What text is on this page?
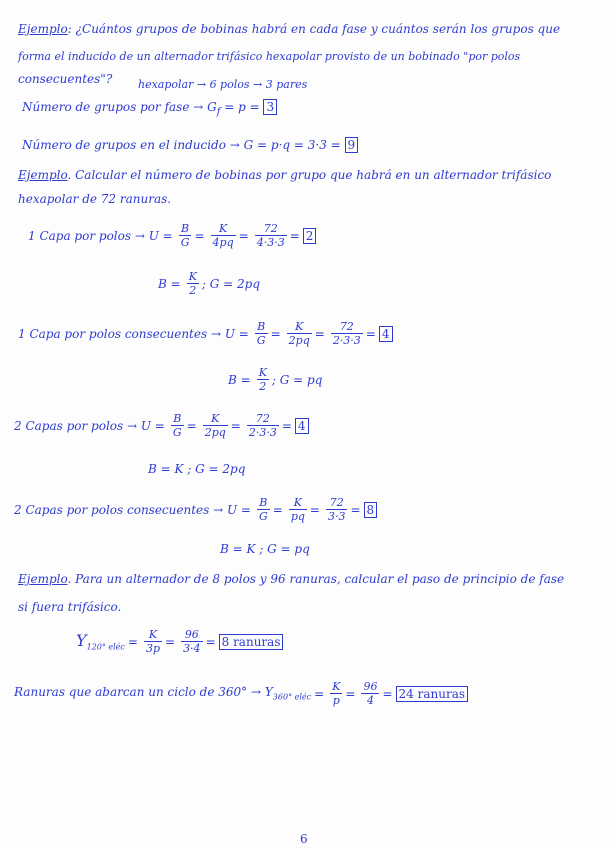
Ejemplo: ¿Cuántos grupos de bobinas habrá en cada fase y cuántos serán los grupos que
forma el inducido de un alternador trifásico hexapolar provisto de un bobinado "por polos
consecuentes"? hexapolar → 6 polos → 3 pares
Número de grupos por fase → $G_f = p = 3$
Número de grupos en el inducido → G = p·q = 3·3 = 9
Ejemplo. Calcular el número de bobinas por grupo que habrá en un alternador trifásico
hexapolar de 72 ranuras.
1 Capa por polos → $U = \frac{B}{G} = \frac{K}{4pq} = \frac{72}{4\cdot 3\cdot 3} = 2$
$B = \frac{K}{2}$ ; G = 2pq
1 Capa por polos consecuentes → $U = \frac{B}{G} = \frac{K}{2pq} = \frac{72}{2\cdot 3\cdot 3} = 4$
$B = \frac{K}{2}$ ; G = pq
2 Capas por polos → $U = \frac{B}{G} = \frac{K}{2pq} = \frac{72}{2\cdot 3\cdot 3} = 4$
B = K ; G = 2pq
2 Capas por polos consecuentes → $U = \frac{B}{G} = \frac{K}{pq} = \frac{72}{3\cdot 3} = 8$
B = K ; G = pq
Ejemplo. Para un alternador de 8 polos y 96 ranuras, calcular el paso de principio de fase
si fuera trifásico.
$Y_{120^\circ eléc} = \frac{K}{3p} = \frac{96}{3\cdot 4} = 8$ ranuras
Ranuras que abarcan un ciclo de $360^\circ \to Y_{360^\circ eléc} = \frac{K}{p} = \frac{96}{4} = 24$ ranuras
6
